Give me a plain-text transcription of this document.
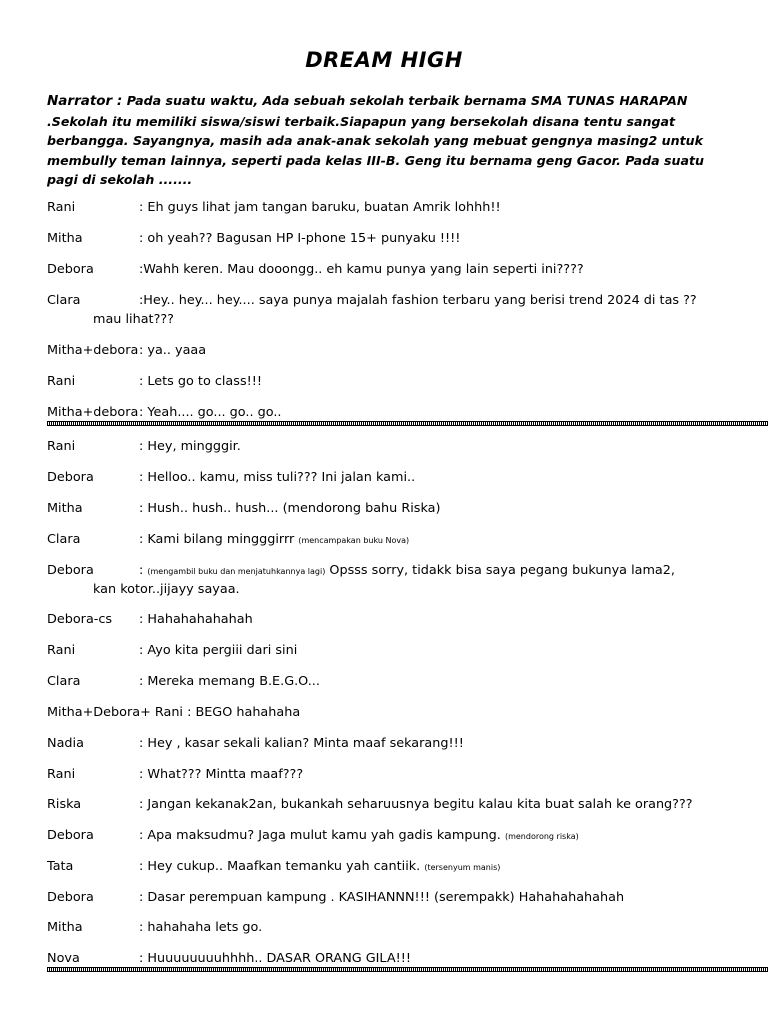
DREAM HIGH
Narrator : Pada suatu waktu, Ada sebuah sekolah terbaik bernama SMA TUNAS HARAPAN .Sekolah itu memiliki siswa/siswi terbaik.Siapapun yang bersekolah disana tentu sangat berbangga. Sayangnya, masih ada anak-anak sekolah yang mebuat gengnya masing2 untuk membully teman lainnya, seperti pada kelas III-B. Geng itu bernama geng Gacor. Pada suatu pagi di sekolah .......
Rani	: Eh guys lihat jam tangan baruku, buatan Amrik lohhh!!
Mitha	: oh yeah?? Bagusan HP I-phone 15+ punyaku !!!!
Debora	:Wahh keren. Mau dooongg.. eh kamu punya yang lain seperti ini????
Clara	:Hey.. hey... hey.... saya punya majalah fashion terbaru yang berisi trend 2024 di tas ??
mau lihat???
Mitha+debora : ya.. yaaa
Rani	: Lets go to class!!!
Mitha+debora : Yeah.... go... go.. go..
Rani	: Hey, mingggir.
Debora	: Helloo.. kamu, miss tuli??? Ini jalan kami..
Mitha	: Hush.. hush.. hush... (mendorong bahu Riska)
Clara	: Kami bilang mingggirrr (mencampakan buku Nova)
Debora	: (mengambil buku dan menjatuhkannya lagi) Opsss sorry, tidakk bisa saya pegang bukunya lama2,
kan kotor..jijayy sayaa.
Debora-cs : Hahahahahahah
Rani	: Ayo kita pergiii dari sini
Clara	: Mereka memang B.E.G.O...
Mitha+Debora+ Rani : BEGO hahahaha
Nadia	: Hey , kasar sekali kalian? Minta maaf sekarang!!!
Rani	: What??? Mintta maaf???
Riska	: Jangan kekanak2an, bukankah seharuusnya begitu kalau kita buat salah ke orang???
Debora	: Apa maksudmu? Jaga mulut kamu yah gadis kampung. (mendorong riska)
Tata	: Hey cukup.. Maafkan temanku yah cantiik. (tersenyum manis)
Debora	: Dasar perempuan kampung . KASIHANNN!!! (serempakk) Hahahahahahah
Mitha	: hahahaha lets go.
Nova	: Huuuuuuuuhhhh.. DASAR ORANG GILA!!!
